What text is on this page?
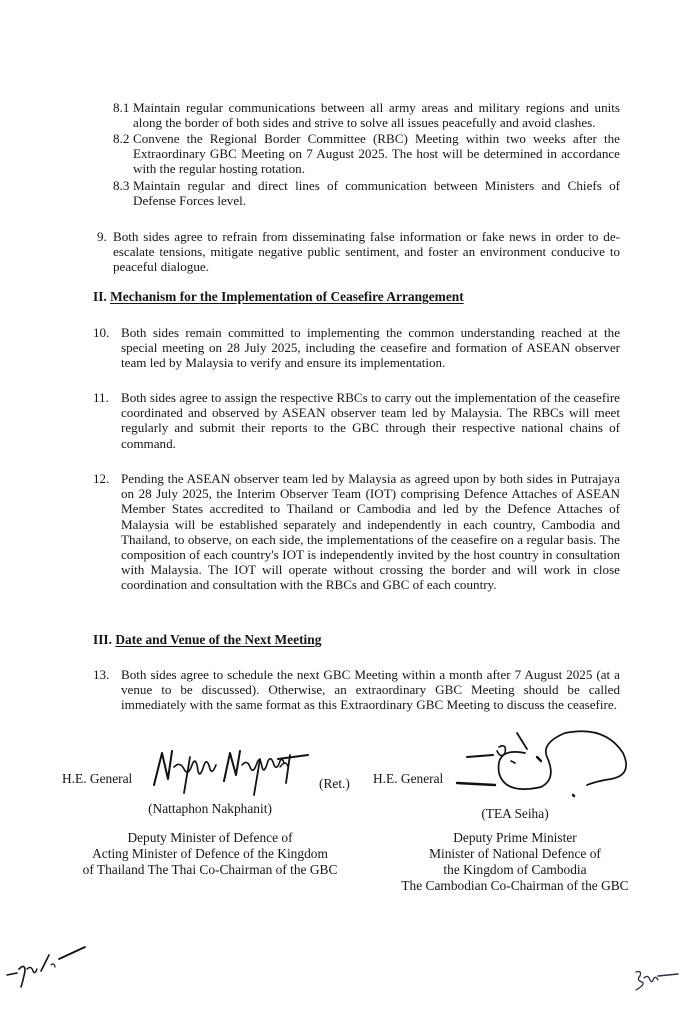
8.1 Maintain regular communications between all army areas and military regions and units along the border of both sides and strive to solve all issues peacefully and avoid clashes.
8.2 Convene the Regional Border Committee (RBC) Meeting within two weeks after the Extraordinary GBC Meeting on 7 August 2025. The host will be determined in accordance with the regular hosting rotation.
8.3 Maintain regular and direct lines of communication between Ministers and Chiefs of Defense Forces level.
9. Both sides agree to refrain from disseminating false information or fake news in order to de-escalate tensions, mitigate negative public sentiment, and foster an environment conducive to peaceful dialogue.
II. Mechanism for the Implementation of Ceasefire Arrangement
10. Both sides remain committed to implementing the common understanding reached at the special meeting on 28 July 2025, including the ceasefire and formation of ASEAN observer team led by Malaysia to verify and ensure its implementation.
11. Both sides agree to assign the respective RBCs to carry out the implementation of the ceasefire coordinated and observed by ASEAN observer team led by Malaysia. The RBCs will meet regularly and submit their reports to the GBC through their respective national chains of command.
12. Pending the ASEAN observer team led by Malaysia as agreed upon by both sides in Putrajaya on 28 July 2025, the Interim Observer Team (IOT) comprising Defence Attaches of ASEAN Member States accredited to Thailand or Cambodia and led by the Defence Attaches of Malaysia will be established separately and independently in each country, Cambodia and Thailand, to observe, on each side, the implementations of the ceasefire on a regular basis. The composition of each country's IOT is independently invited by the host country in consultation with Malaysia. The IOT will operate without crossing the border and will work in close coordination and consultation with the RBCs and GBC of each country.
III. Date and Venue of the Next Meeting
13. Both sides agree to schedule the next GBC Meeting within a month after 7 August 2025 (at a venue to be discussed). Otherwise, an extraordinary GBC Meeting should be called immediately with the same format as this Extraordinary GBC Meeting to discuss the ceasefire.
H.E. General	(Ret.)
(Nattaphon Nakphanit)
Deputy Minister of Defence of
Acting Minister of Defence of the Kingdom
of Thailand The Thai Co-Chairman of the GBC
H.E. General
(TEA Seiha)
Deputy Prime Minister
Minister of National Defence of
the Kingdom of Cambodia
The Cambodian Co-Chairman of the GBC
